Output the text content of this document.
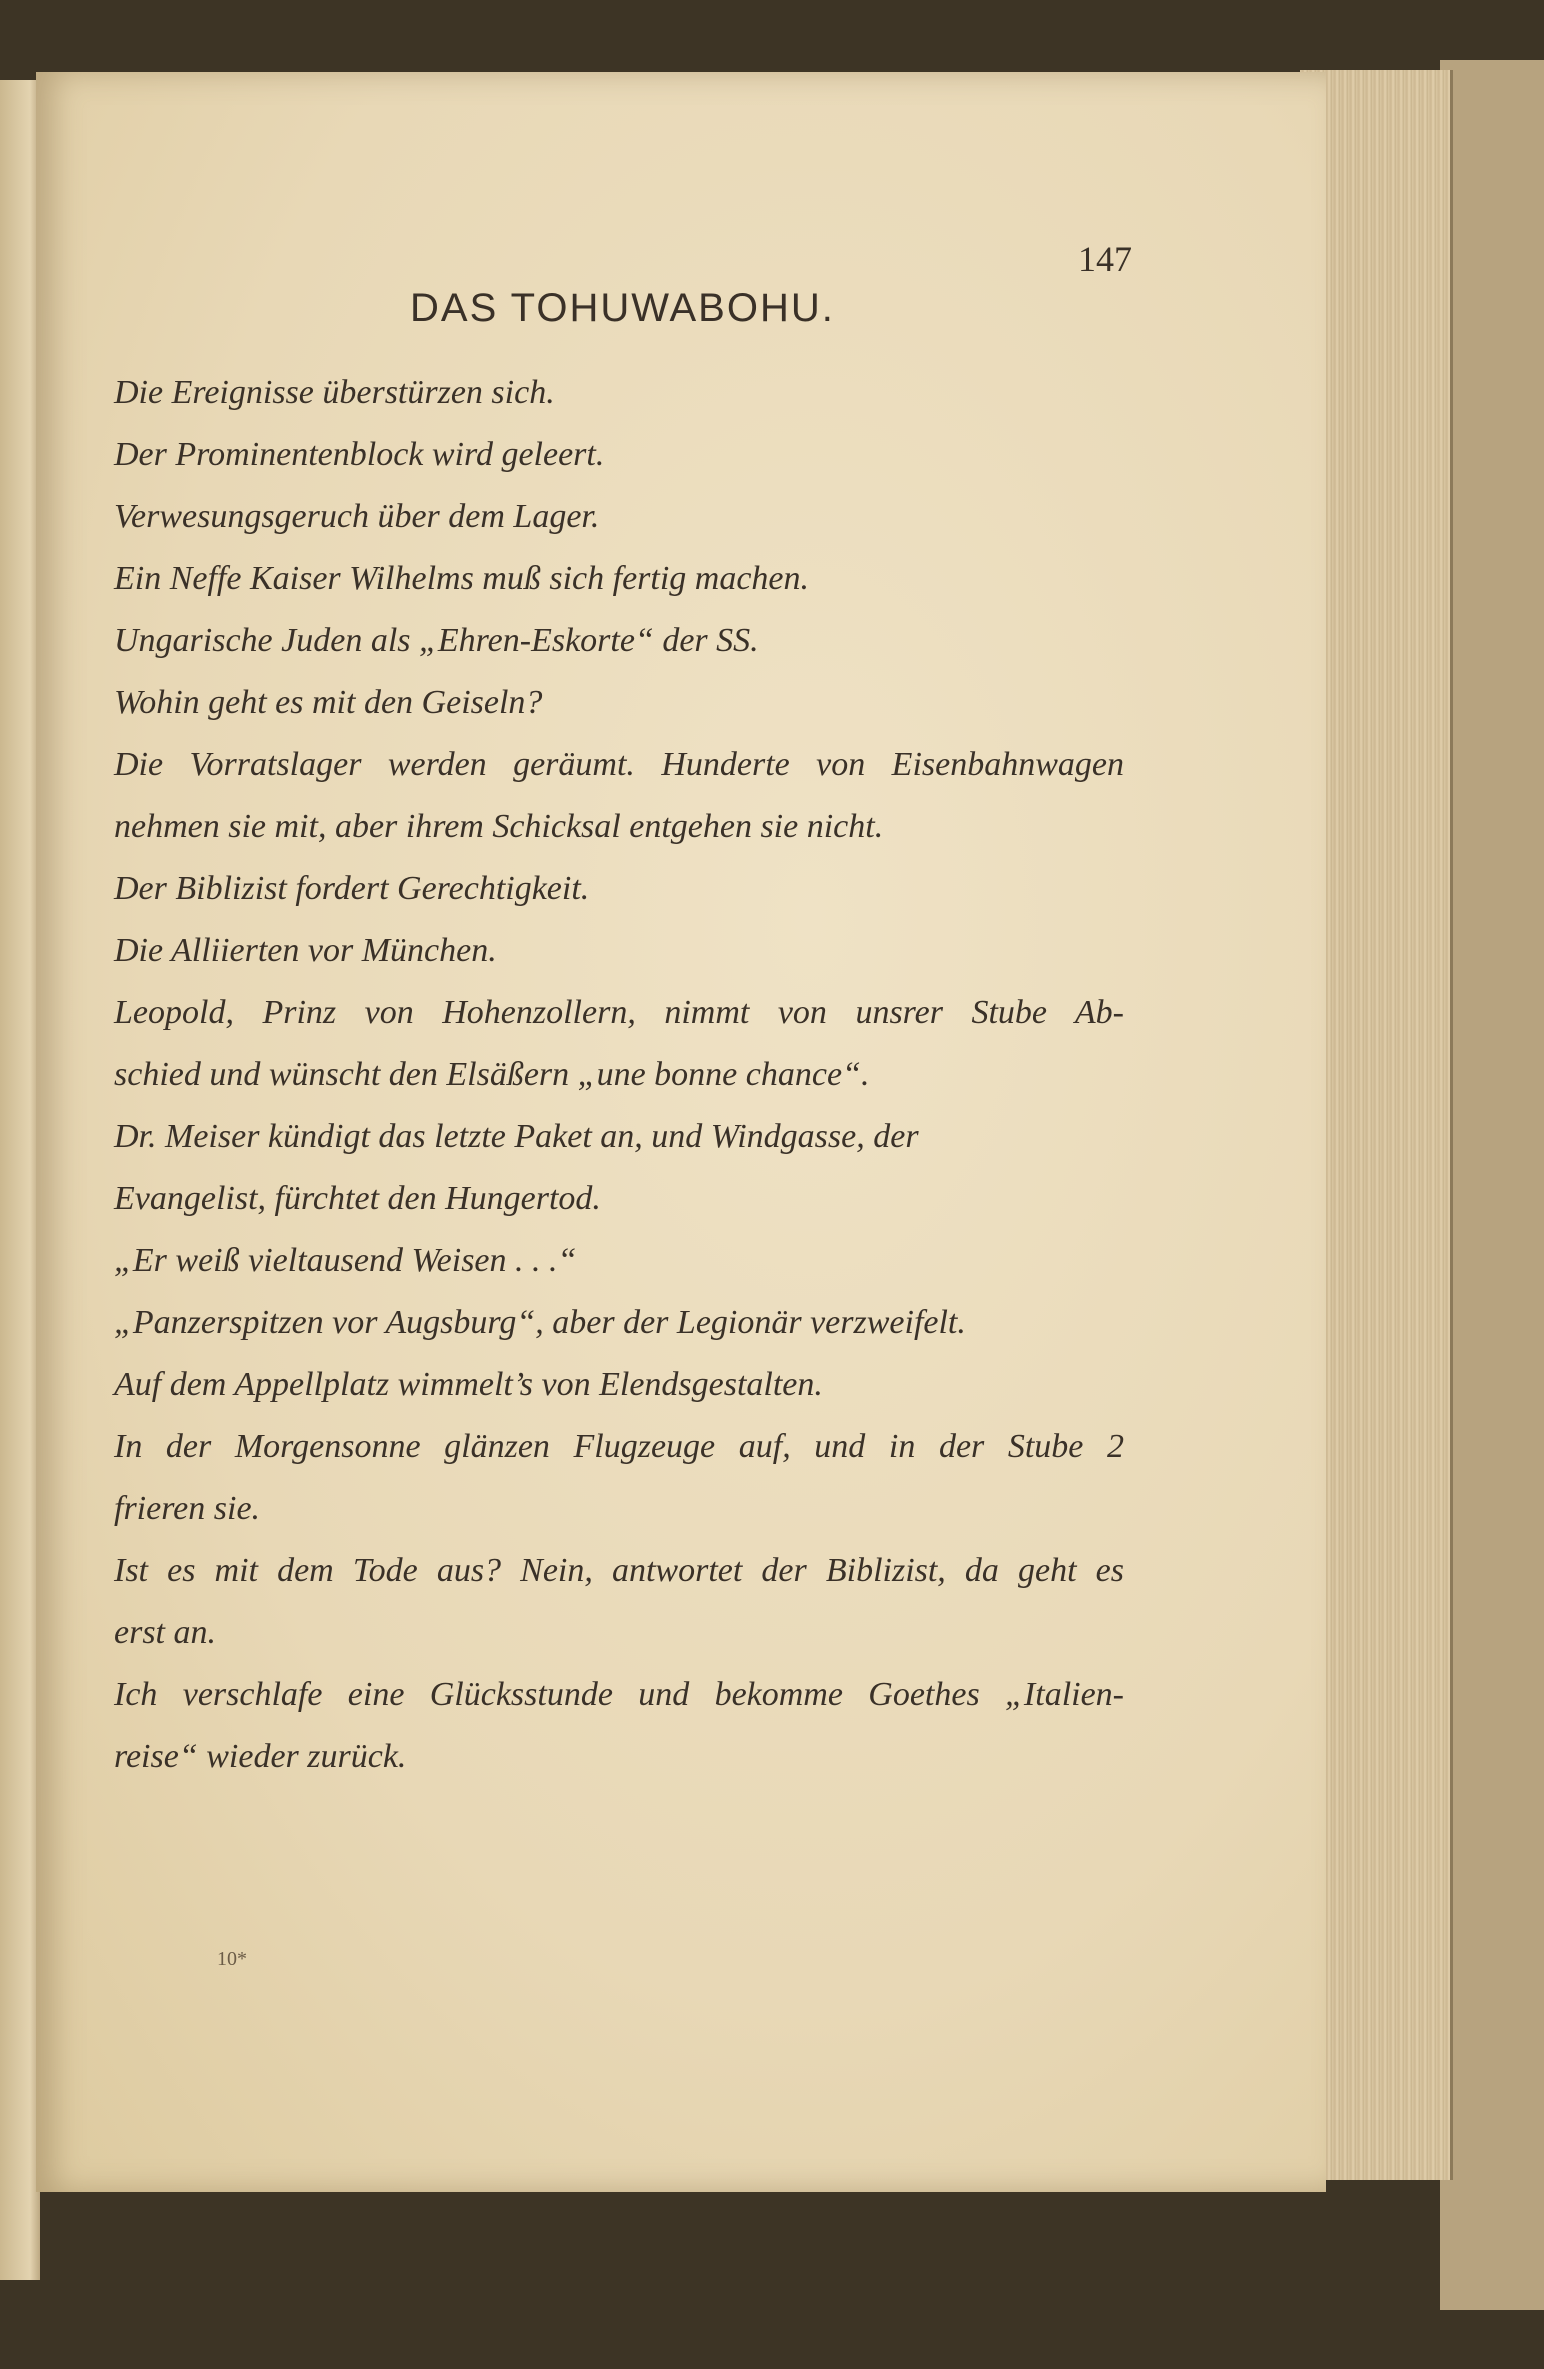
147
DAS TOHUWABOHU.
Die Ereignisse überstürzen sich.
Der Prominentenblock wird geleert.
Verwesungsgeruch über dem Lager.
Ein Neffe Kaiser Wilhelms muß sich fertig machen.
Ungarische Juden als „Ehren-Eskorte“ der SS.
Wohin geht es mit den Geiseln?
Die Vorratslager werden geräumt. Hunderte von Eisenbahnwagen
nehmen sie mit, aber ihrem Schicksal entgehen sie nicht.
Der Biblizist fordert Gerechtigkeit.
Die Alliierten vor München.
Leopold, Prinz von Hohenzollern, nimmt von unsrer Stube Ab-
schied und wünscht den Elsäßern „une bonne chance“.
Dr. Meiser kündigt das letzte Paket an, und Windgasse, der
Evangelist, fürchtet den Hungertod.
„Er weiß vieltausend Weisen . . .“
„Panzerspitzen vor Augsburg“, aber der Legionär verzweifelt.
Auf dem Appellplatz wimmelt’s von Elendsgestalten.
In der Morgensonne glänzen Flugzeuge auf, und in der Stube 2
frieren sie.
Ist es mit dem Tode aus? Nein, antwortet der Biblizist, da geht es
erst an.
Ich verschlafe eine Glücksstunde und bekomme Goethes „Italien-
reise“ wieder zurück.
10*
